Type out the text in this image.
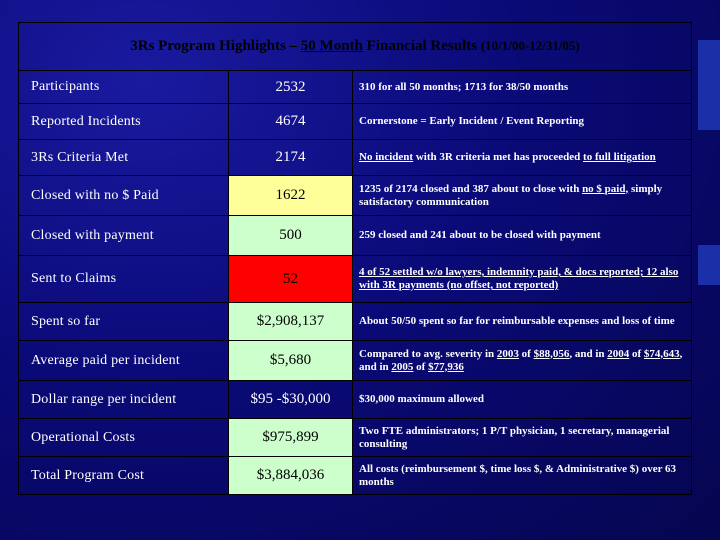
3Rs Program Highlights – 50 Month Financial Results (10/1/00-12/31/05)		
Participants	2532	310 for all 50 months; 1713 for 38/50 months
Reported Incidents	4674	Cornerstone = Early Incident / Event Reporting
3Rs Criteria Met	2174	No incident with 3R criteria met has proceeded to full litigation
Closed with no $ Paid	1622	1235 of 2174 closed and 387 about to close with no $ paid, simply satisfactory communication
Closed with payment	500	259 closed and 241 about to be closed with payment
Sent to Claims	52	4 of 52 settled w/o lawyers, indemnity paid, & docs reported; 12 also with 3R payments (no offset, not reported)
Spent so far	$2,908,137	About 50/50 spent so far for reimbursable expenses and loss of time
Average paid per incident	$5,680	Compared to avg. severity in 2003 of $88,056, and in 2004 of $74,643, and in 2005 of $77,936
Dollar range per incident	$95 -$30,000	$30,000 maximum allowed
Operational Costs	$975,899	Two FTE administrators; 1 P/T physician, 1 secretary, managerial consulting
Total Program Cost	$3,884,036	All costs (reimbursement $, time loss $, & Administrative $) over 63 months
